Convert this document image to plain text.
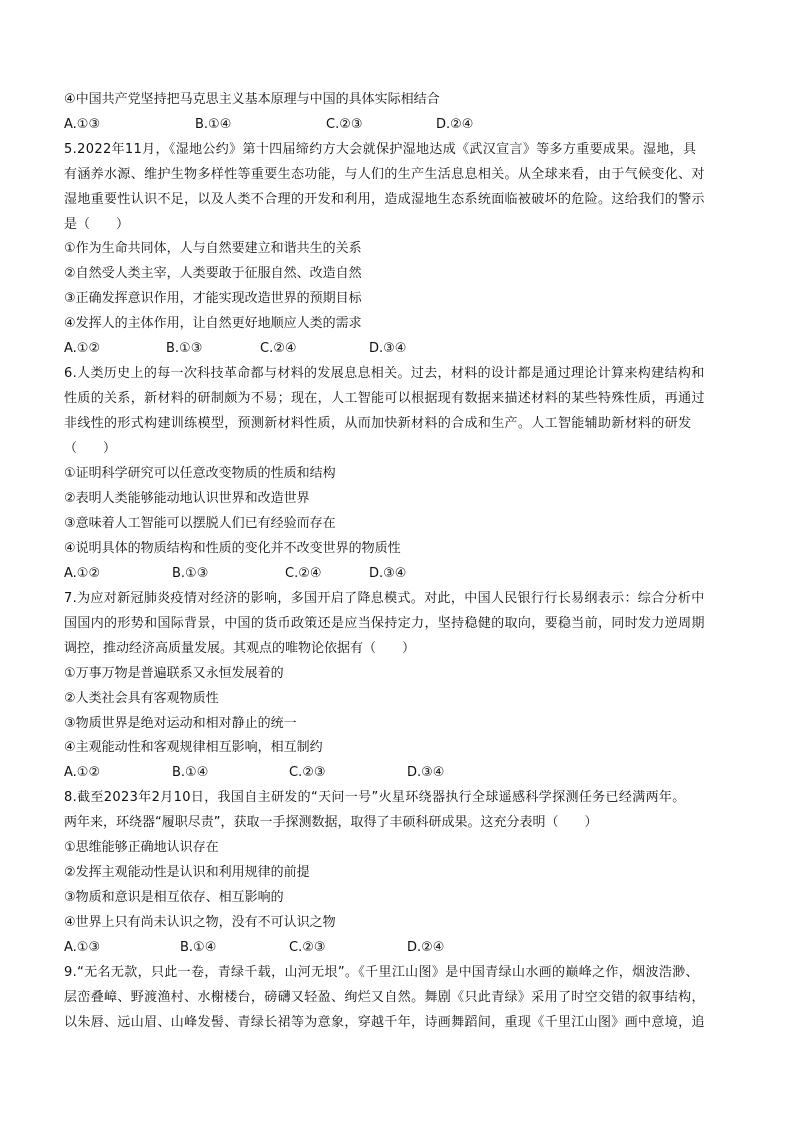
④中国共产党坚持把马克思主义基本原理与中国的具体实际相结合
A.①③	B.①④	C.②③	D.②④
5.2022年11月，《湿地公约》第十四届缔约方大会就保护湿地达成《武汉宣言》等多方重要成果。湿地，具
有涵养水源、维护生物多样性等重要生态功能，与人们的生产生活息息相关。从全球来看，由于气候变化、对
湿地重要性认识不足，以及人类不合理的开发和利用，造成湿地生态系统面临被破坏的危险。这给我们的警示
是（　　）
①作为生命共同体，人与自然要建立和谐共生的关系
②自然受人类主宰，人类要敢于征服自然、改造自然
③正确发挥意识作用，才能实现改造世界的预期目标
④发挥人的主体作用，让自然更好地顺应人类的需求
A.①②	B.①③	C.②④	D.③④
6.人类历史上的每一次科技革命都与材料的发展息息相关。过去，材料的设计都是通过理论计算来构建结构和
性质的关系，新材料的研制颇为不易；现在，人工智能可以根据现有数据来描述材料的某些特殊性质，再通过
非线性的形式构建训练模型，预测新材料性质，从而加快新材料的合成和生产。人工智能辅助新材料的研发
（　　）
①证明科学研究可以任意改变物质的性质和结构
②表明人类能够能动地认识世界和改造世界
③意味着人工智能可以摆脱人们已有经验而存在
④说明具体的物质结构和性质的变化并不改变世界的物质性
A.①②	B.①③	C.②④	D.③④
7.为应对新冠肺炎疫情对经济的影响，多国开启了降息模式。对此，中国人民银行行长易纲表示：综合分析中
国国内的形势和国际背景，中国的货币政策还是应当保持定力，坚持稳健的取向，要稳当前，同时发力逆周期
调控，推动经济高质量发展。其观点的唯物论依据有（　　）
①万事万物是普遍联系又永恒发展着的
②人类社会具有客观物质性
③物质世界是绝对运动和相对静止的统一
④主观能动性和客观规律相互影响，相互制约
A.①②	B.①④	C.②③	D.③④
8.截至2023年2月10日，我国自主研发的“天问一号”火星环绕器执行全球遥感科学探测任务已经满两年。
两年来，环绕器“履职尽责”，获取一手探测数据，取得了丰硕科研成果。这充分表明（　　）
①思维能够正确地认识存在
②发挥主观能动性是认识和利用规律的前提
③物质和意识是相互依存、相互影响的
④世界上只有尚未认识之物，没有不可认识之物
A.①③	B.①④	C.②③	D.②④
9.“无名无款，只此一卷，青绿千载，山河无垠”。《千里江山图》是中国青绿山水画的巅峰之作，烟波浩渺、
层峦叠嶂、野渡渔村、水榭楼台，磅礴又轻盈、绚烂又自然。舞剧《只此青绿》采用了时空交错的叙事结构，
以朱唇、远山眉、山峰发髻、青绿长裙等为意象，穿越千年，诗画舞蹈间，重现《千里江山图》画中意境，追
